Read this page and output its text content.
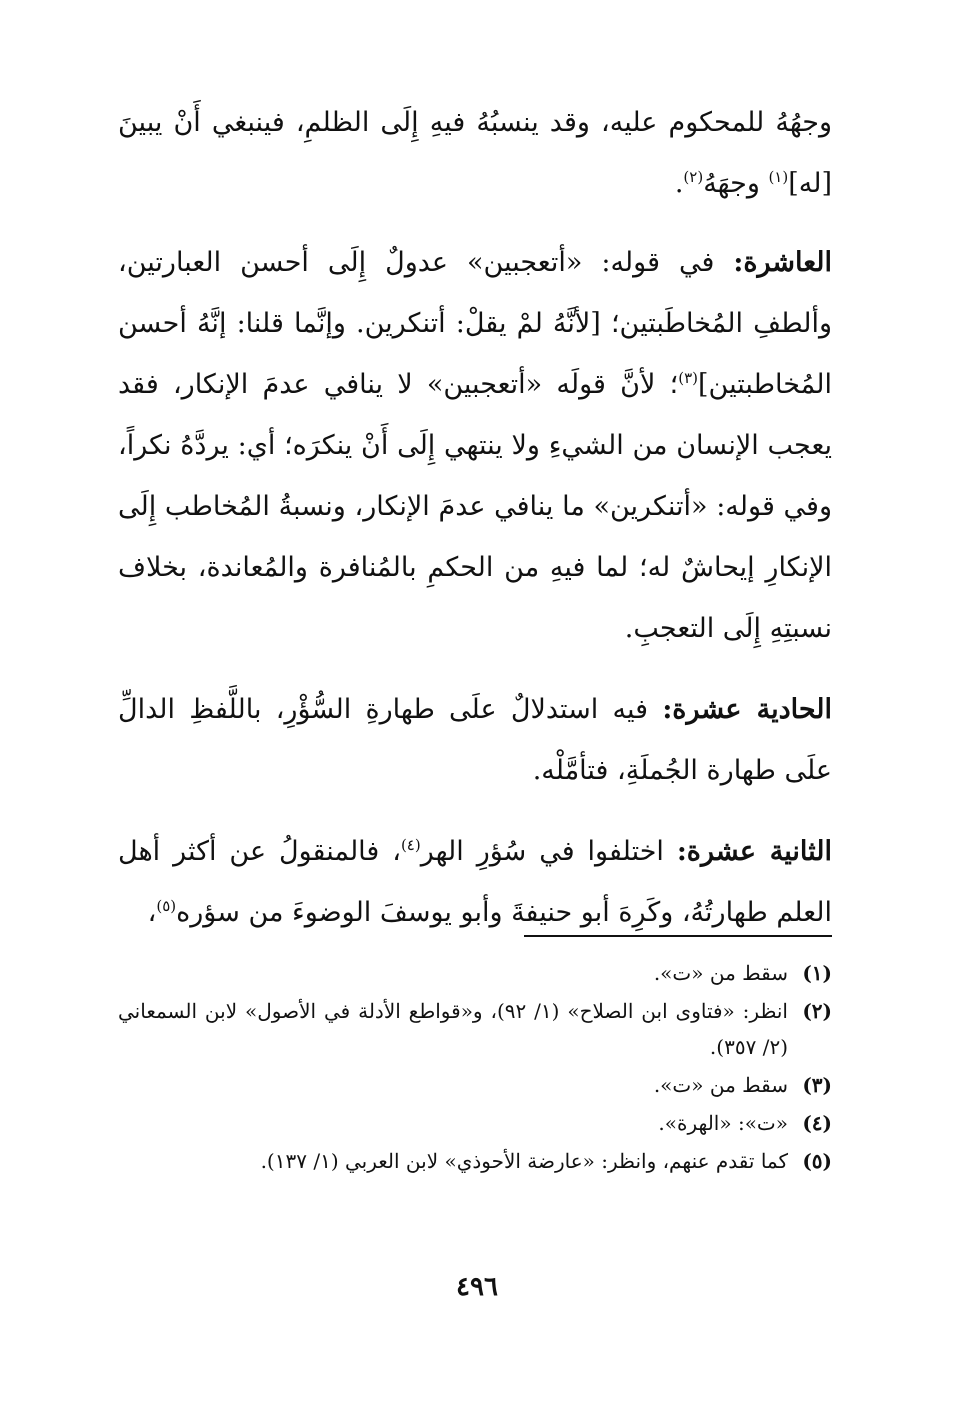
وجهُهُ للمحكوم عليه، وقد ينسبُهُ فيهِ إِلَى الظلمِ، فينبغي أَنْ يبينَ [له]$^{(١)}$ وجهَهُ$^{(٢)}$.

العاشرة: في قوله: «أتعجبين» عدولٌ إِلَى أحسن العبارتين، وألطفِ المُخاطَبتين؛ [لأنَّهُ لمْ يقلْ: أتنكرين. وإنَّما قلنا: إنَّهُ أحسن المُخاطبتين]$^{(٣)}$؛ لأنَّ قولَه «أتعجبين» لا ينافي عدمَ الإنكار، فقد يعجب الإنسان من الشيءِ ولا ينتهي إِلَى أَنْ ينكرَه؛ أي: يردَّهُ نكراً، وفي قوله: «أتنكرين» ما ينافي عدمَ الإنكار، ونسبةُ المُخاطب إِلَى الإنكارِ إيحاشٌ له؛ لما فيهِ من الحكمِ بالمُنافرة والمُعاندة، بخلاف نسبتِهِ إِلَى التعجبِ.

الحادية عشرة: فيه استدلالٌ علَى طهارةِ السُّؤْرِ، باللَّفظِ الدالِّ علَى طهارة الجُملَةِ، فتأمَّلْه.

الثانية عشرة: اختلفوا في سُؤرِ الهر$^{(٤)}$، فالمنقولُ عن أكثر أهل العلم طهارتُهُ، وكَرِهَ أبو حنيفةَ وأبو يوسفَ الوضوءَ من سؤره$^{(٥)}$،

(١)
سقط من «ت».
(٢)
انظر: «فتاوى ابن الصلاح» (١/ ٩٢)، و«قواطع الأدلة في الأصول» لابن السمعاني (٢/ ٣٥٧).
(٣)
سقط من «ت».
(٤)
«ت»: «الهرة».
(٥)
كما تقدم عنهم، وانظر: «عارضة الأحوذي» لابن العربي (١/ ١٣٧).
٤٩٦
